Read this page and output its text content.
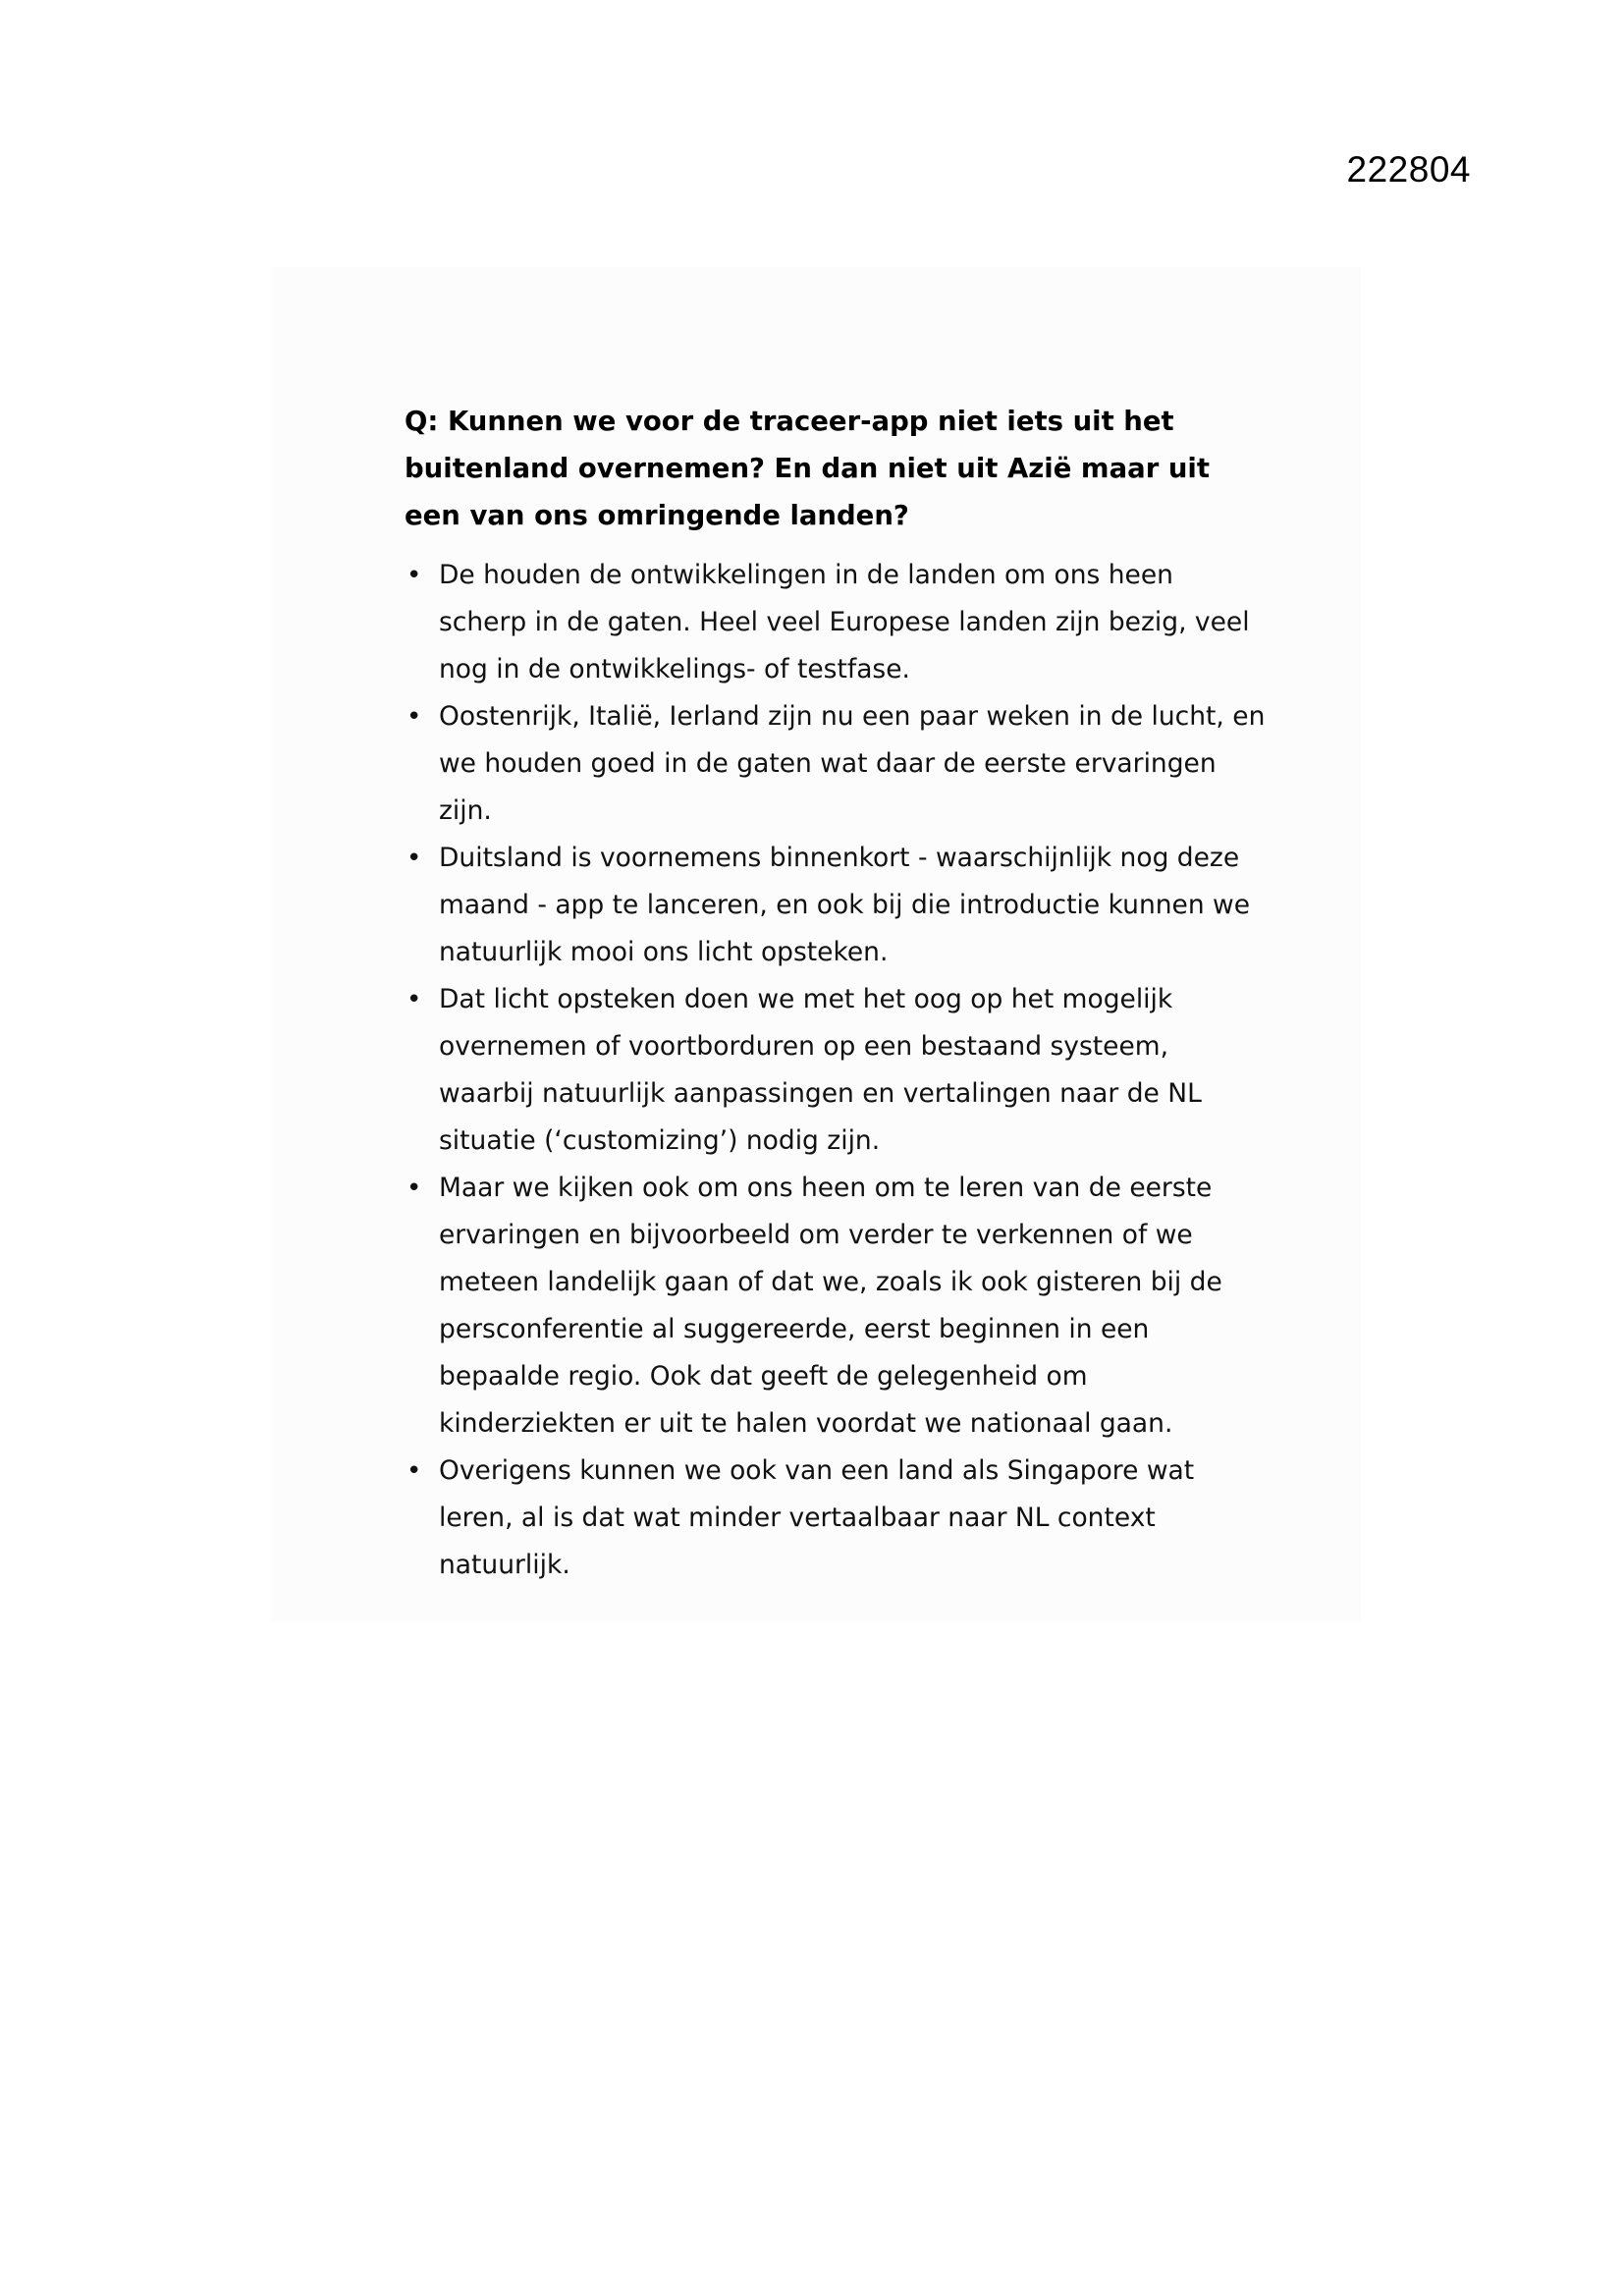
222804

Q: Kunnen we voor de traceer-app niet iets uit het buitenland overnemen? En dan niet uit Azië maar uit een van ons omringende landen?

• De houden de ontwikkelingen in de landen om ons heen scherp in de gaten. Heel veel Europese landen zijn bezig, veel nog in de ontwikkelings- of testfase.
• Oostenrijk, Italië, Ierland zijn nu een paar weken in de lucht, en we houden goed in de gaten wat daar de eerste ervaringen zijn.
• Duitsland is voornemens binnenkort - waarschijnlijk nog deze maand - app te lanceren, en ook bij die introductie kunnen we natuurlijk mooi ons licht opsteken.
• Dat licht opsteken doen we met het oog op het mogelijk overnemen of voortborduren op een bestaand systeem, waarbij natuurlijk aanpassingen en vertalingen naar de NL situatie (‘customizing’) nodig zijn.
• Maar we kijken ook om ons heen om te leren van de eerste ervaringen en bijvoorbeeld om verder te verkennen of we meteen landelijk gaan of dat we, zoals ik ook gisteren bij de persconferentie al suggereerde, eerst beginnen in een bepaalde regio. Ook dat geeft de gelegenheid om kinderziekten er uit te halen voordat we nationaal gaan.
• Overigens kunnen we ook van een land als Singapore wat leren, al is dat wat minder vertaalbaar naar NL context natuurlijk.
